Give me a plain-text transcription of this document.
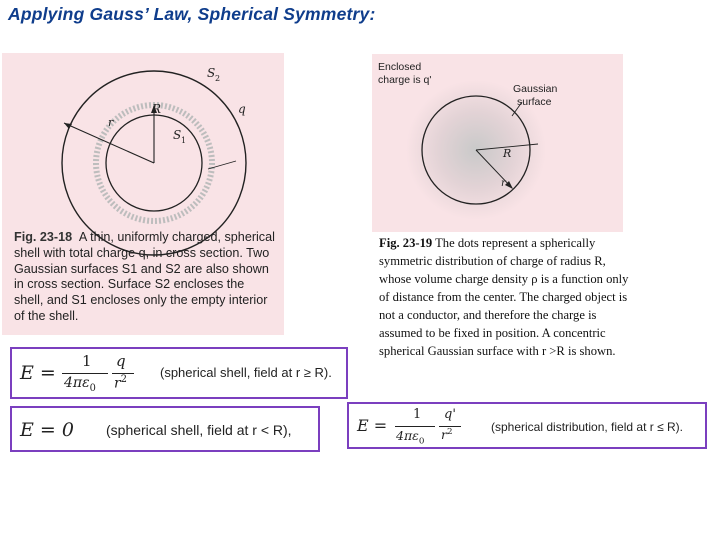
Applying Gauss’ Law, Spherical Symmetry:
S 2
S 1
R
r
q
Fig. 23-18 A thin, uniformly charged, spherical shell with total charge q, in cross section. Two Gaussian surfaces S1 and S2 are also shown in cross section. Surface S2 encloses the shell, and S1 encloses only the empty interior of the shell.
Enclosed
charge is q'
Gaussian
surface
R
r
Fig. 23-19 The dots represent a spherically symmetric distribution of charge of radius R, whose volume charge density ρ is a function only of distance from the center. The charged object is not a conductor, and therefore the charge is assumed to be fixed in position. A concentric spherical Gaussian surface with r >R is shown.
E =
1
$4\pi\varepsilon_0$
q
$r^2$	(spherical shell, field at r ≥ R).
E = 0 (spherical shell, field at r < R),	E =
1
$4\pi\varepsilon_0$
q'
$r^2$	(spherical distribution, field at r ≤ R).
